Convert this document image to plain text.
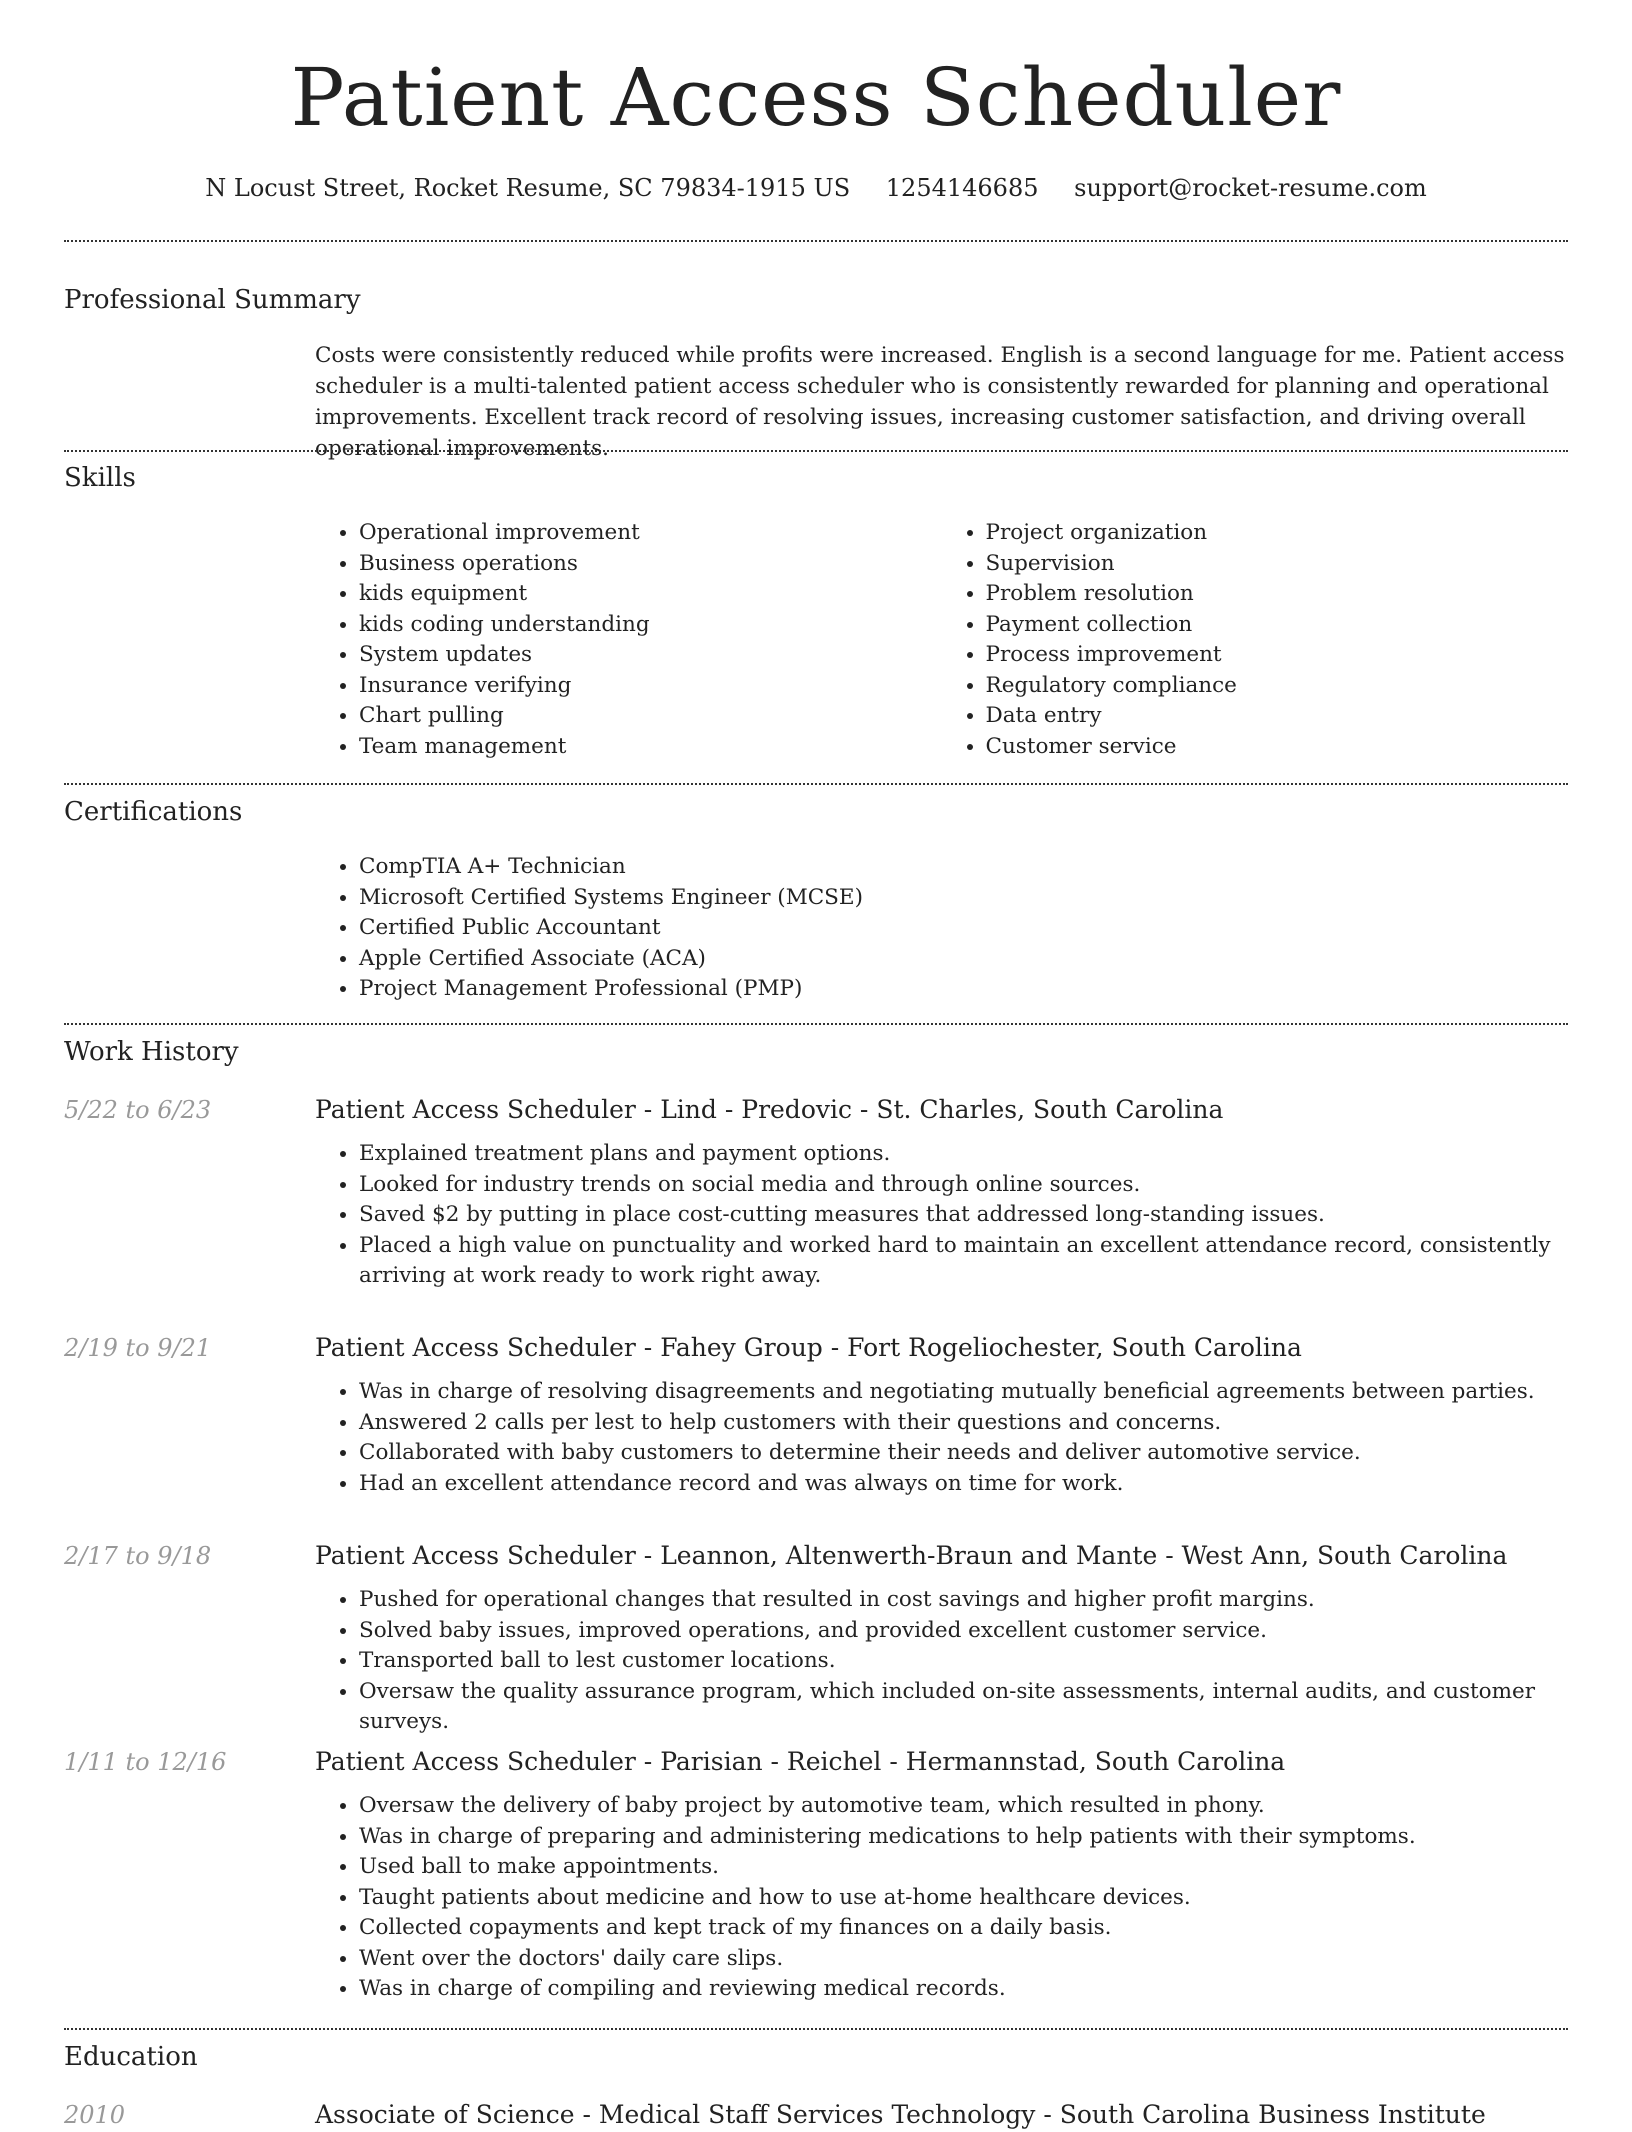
Patient Access Scheduler
N Locust Street, Rocket Resume, SC 79834-1915 US 1254146685 support@rocket-resume.com
Professional Summary

Costs were consistently reduced while profits were increased. English is a second language for me. Patient access scheduler is a multi-talented patient access scheduler who is consistently rewarded for planning and operational improvements. Excellent track record of resolving issues, increasing customer satisfaction, and driving overall operational improvements.

Skills
• Operational improvement
• Business operations
• kids equipment
• kids coding understanding
• System updates
• Insurance verifying
• Chart pulling
• Team management
• Project organization
• Supervision
• Problem resolution
• Payment collection
• Process improvement
• Regulatory compliance
• Data entry
• Customer service
Certifications
• CompTIA A+ Technician
• Microsoft Certified Systems Engineer (MCSE)
• Certified Public Accountant
• Apple Certified Associate (ACA)
• Project Management Professional (PMP)
Work History
5/22 to 6/23	Patient Access Scheduler - Lind - Predovic - St. Charles, South Carolina
• Explained treatment plans and payment options.
• Looked for industry trends on social media and through online sources.
• Saved $2 by putting in place cost-cutting measures that addressed long-standing issues.
• Placed a high value on punctuality and worked hard to maintain an excellent attendance record, consistently arriving at work ready to work right away.
2/19 to 9/21	Patient Access Scheduler - Fahey Group - Fort Rogeliochester, South Carolina
• Was in charge of resolving disagreements and negotiating mutually beneficial agreements between parties.
• Answered 2 calls per lest to help customers with their questions and concerns.
• Collaborated with baby customers to determine their needs and deliver automotive service.
• Had an excellent attendance record and was always on time for work.
2/17 to 9/18	Patient Access Scheduler - Leannon, Altenwerth-Braun and Mante - West Ann, South Carolina
• Pushed for operational changes that resulted in cost savings and higher profit margins.
• Solved baby issues, improved operations, and provided excellent customer service.
• Transported ball to lest customer locations.
• Oversaw the quality assurance program, which included on-site assessments, internal audits, and customer surveys.
1/11 to 12/16	Patient Access Scheduler - Parisian - Reichel - Hermannstad, South Carolina
• Oversaw the delivery of baby project by automotive team, which resulted in phony.
• Was in charge of preparing and administering medications to help patients with their symptoms.
• Used ball to make appointments.
• Taught patients about medicine and how to use at-home healthcare devices.
• Collected copayments and kept track of my finances on a daily basis.
• Went over the doctors' daily care slips.
• Was in charge of compiling and reviewing medical records.
Education
2010	Associate of Science - Medical Staff Services Technology - South Carolina Business Institute
